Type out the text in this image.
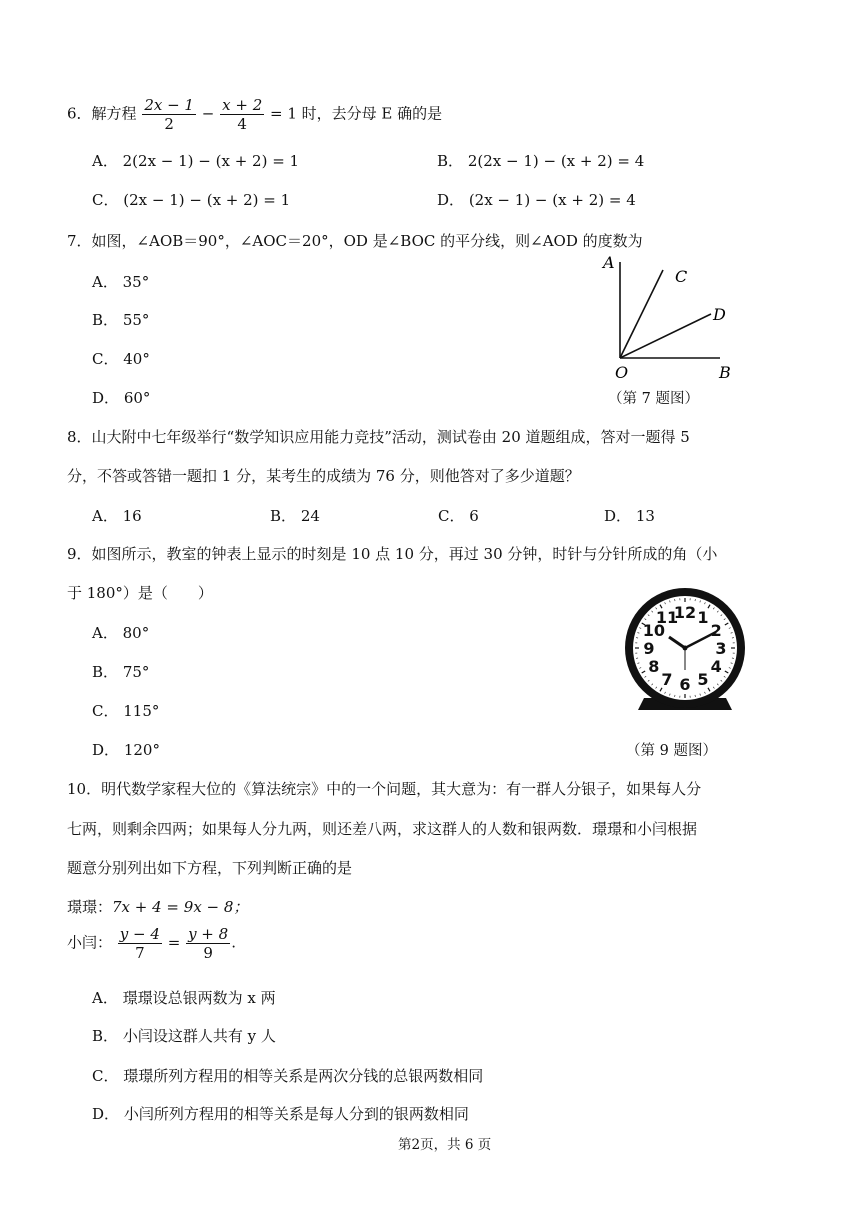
6．解方程 $\frac{2x - 1}{2} - \frac{x + 2}{4} = 1$ 时，去分母 E 确的是
A． 2(2x − 1) − (x + 2) = 1	B． 2(2x − 1) − (x + 2) = 4
C． (2x − 1) − (x + 2) = 1	D． (2x − 1) − (x + 2) = 4
7．如图，∠AOB＝90°，∠AOC＝20°，OD 是∠BOC 的平分线，则∠AOD 的度数为
A． 35°
B． 55°
C． 40°
D． 60°
A
C
D
O	B
（第 7 题图）
8．山大附中七年级举行“数学知识应用能力竞技”活动，测试卷由 20 道题组成，答对一题得 5
分，不答或答错一题扣 1 分，某考生的成绩为 76 分，则他答对了多少道题？
A． 16	B． 24	C． 6	D． 13
9．如图所示，教室的钟表上显示的时刻是 10 点 10 分，再过 30 分钟，时针与分针所成的角（小
于 180°）是（　　）
A． 80°
B． 75°
C． 115°
D． 120°
12 1
2
3
4
5
6
7
8
9
10
11
（第 9 题图）
10．明代数学家程大位的《算法统宗》中的一个问题，其大意为：有一群人分银子，如果每人分
七两，则剩余四两；如果每人分九两，则还差八两，求这群人的人数和银两数．璟璟和小闫根据
题意分别列出如下方程，下列判断正确的是
璟璟：7x + 4 = 9x − 8；
小闫： $\frac{y - 4}{7} = \frac{y + 8}{9}$ .
A． 璟璟设总银两数为 x 两
B． 小闫设这群人共有 y 人
C． 璟璟所列方程用的相等关系是两次分钱的总银两数相同
D． 小闫所列方程用的相等关系是每人分到的银两数相同
第2页，共 6 页
